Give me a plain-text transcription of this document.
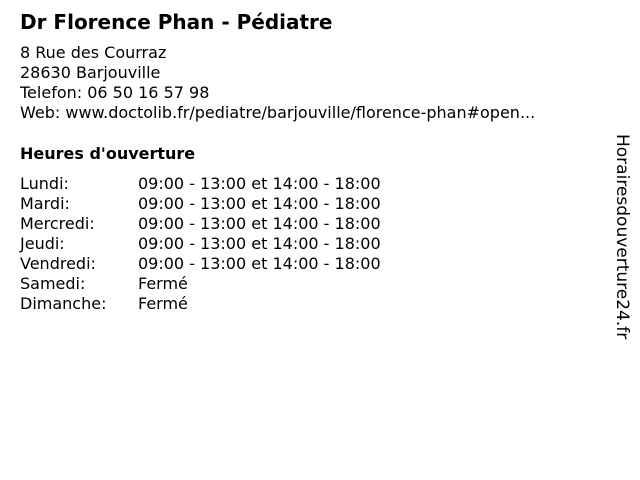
Dr Florence Phan - Pédiatre
8 Rue des Courraz
28630 Barjouville
Telefon: 06 50 16 57 98
Web: www.doctolib.fr/pediatre/barjouville/florence-phan#open...
Heures d'ouverture
Lundi:	09:00 - 13:00 et 14:00 - 18:00
Mardi:	09:00 - 13:00 et 14:00 - 18:00
Mercredi:	09:00 - 13:00 et 14:00 - 18:00
Jeudi:	09:00 - 13:00 et 14:00 - 18:00
Vendredi:	09:00 - 13:00 et 14:00 - 18:00
Samedi:	Fermé
Dimanche:	Fermé	Horairesdouverture24.fr
